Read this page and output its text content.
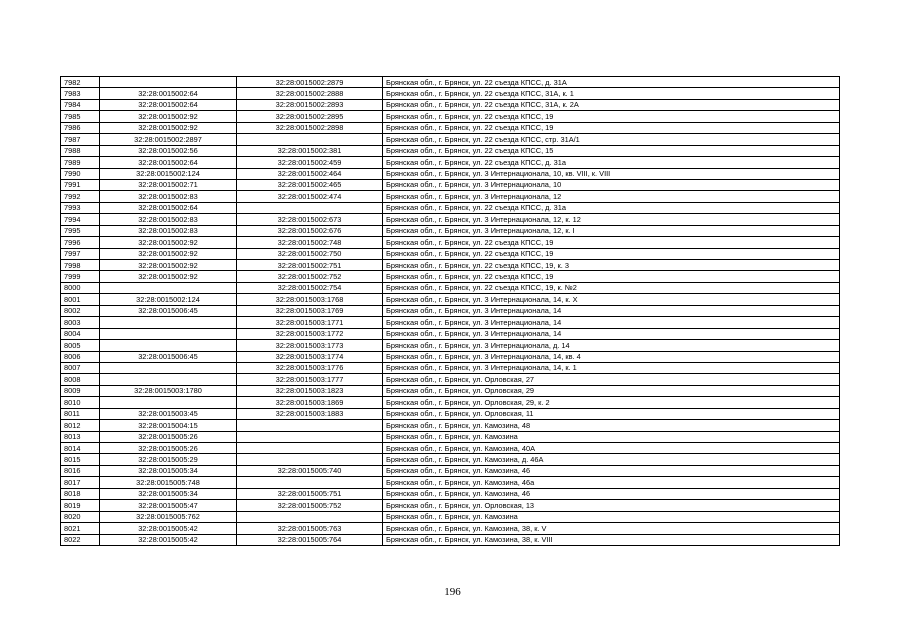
7982		32:28:0015002:2879	Брянская обл., г. Брянск, ул. 22 съезда КПСС, д. 31А
7983	32:28:0015002:64	32:28:0015002:2888	Брянская обл., г. Брянск, ул. 22 съезда КПСС, 31А, к. 1
7984	32:28:0015002:64	32:28:0015002:2893	Брянская обл., г. Брянск, ул. 22 съезда КПСС, 31А, к. 2А
7985	32:28:0015002:92	32:28:0015002:2895	Брянская обл., г. Брянск, ул. 22 съезда КПСС, 19
7986	32:28:0015002:92	32:28:0015002:2898	Брянская обл., г. Брянск, ул. 22 съезда КПСС, 19
7987	32:28:0015002:2897		Брянская обл., г. Брянск, ул. 22 съезда КПСС, стр. 31А/1
7988	32:28:0015002:56	32:28:0015002:381	Брянская обл., г. Брянск, ул. 22 съезда КПСС, 15
7989	32:28:0015002:64	32:28:0015002:459	Брянская обл., г. Брянск, ул. 22 съезда КПСС, д. 31а
7990	32:28:0015002:124	32:28:0015002:464	Брянская обл., г. Брянск, ул. 3 Интернационала, 10, кв. VIII, к. VIII
7991	32:28:0015002:71	32:28:0015002:465	Брянская обл., г. Брянск, ул. 3 Интернационала, 10
7992	32:28:0015002:83	32:28:0015002:474	Брянская обл., г. Брянск, ул. 3 Интернационала, 12
7993	32:28:0015002:64		Брянская обл., г. Брянск, ул. 22 съезда КПСС, д. 31а
7994	32:28:0015002:83	32:28:0015002:673	Брянская обл., г. Брянск, ул. 3 Интернационала, 12, к. 12
7995	32:28:0015002:83	32:28:0015002:676	Брянская обл., г. Брянск, ул. 3 Интернационала, 12, к. I
7996	32:28:0015002:92	32:28:0015002:748	Брянская обл., г. Брянск, ул. 22 съезда КПСС, 19
7997	32:28:0015002:92	32:28:0015002:750	Брянская обл., г. Брянск, ул. 22 съезда КПСС, 19
7998	32:28:0015002:92	32:28:0015002:751	Брянская обл., г. Брянск, ул. 22 съезда КПСС, 19, к. 3
7999	32:28:0015002:92	32:28:0015002:752	Брянская обл., г. Брянск, ул. 22 съезда КПСС, 19
8000		32:28:0015002:754	Брянская обл., г. Брянск, ул. 22 съезда КПСС, 19, к. №2
8001	32:28:0015002:124	32:28:0015003:1768	Брянская обл., г. Брянск, ул. 3 Интернационала, 14, к. X
8002	32:28:0015006:45	32:28:0015003:1769	Брянская обл., г. Брянск, ул. 3 Интернационала, 14
8003		32:28:0015003:1771	Брянская обл., г. Брянск, ул. 3 Интернационала, 14
8004		32:28:0015003:1772	Брянская обл., г. Брянск, ул. 3 Интернационала, 14
8005		32:28:0015003:1773	Брянская обл., г. Брянск, ул. 3 Интернационала, д. 14
8006	32:28:0015006:45	32:28:0015003:1774	Брянская обл., г. Брянск, ул. 3 Интернационала, 14, кв. 4
8007		32:28:0015003:1776	Брянская обл., г. Брянск, ул. 3 Интернационала, 14, к. 1
8008		32:28:0015003:1777	Брянская обл., г. Брянск, ул. Орловская, 27
8009	32:28:0015003:1780	32:28:0015003:1823	Брянская обл., г. Брянск, ул. Орловская, 29
8010		32:28:0015003:1869	Брянская обл., г. Брянск, ул. Орловская, 29, к. 2
8011	32:28:0015003:45	32:28:0015003:1883	Брянская обл., г. Брянск, ул. Орловская, 11
8012	32:28:0015004:15		Брянская обл., г. Брянск, ул. Камозина, 48
8013	32:28:0015005:26		Брянская обл., г. Брянск, ул. Камозина
8014	32:28:0015005:26		Брянская обл., г. Брянск, ул. Камозина, 40А
8015	32:28:0015005:29		Брянская обл., г. Брянск, ул. Камозина, д. 46А
8016	32:28:0015005:34	32:28:0015005:740	Брянская обл., г. Брянск, ул. Камозина, 46
8017	32:28:0015005:748		Брянская обл., г. Брянск, ул. Камозина, 46а
8018	32:28:0015005:34	32:28:0015005:751	Брянская обл., г. Брянск, ул. Камозина, 46
8019	32:28:0015005:47	32:28:0015005:752	Брянская обл., г. Брянск, ул. Орловская, 13
8020	32:28:0015005:762		Брянская обл., г. Брянск, ул. Камозина
8021	32:28:0015005:42	32:28:0015005:763	Брянская обл., г. Брянск, ул. Камозина, 38, к. V
8022	32:28:0015005:42	32:28:0015005:764	Брянская обл., г. Брянск, ул. Камозина, 38, к. VIII
196
